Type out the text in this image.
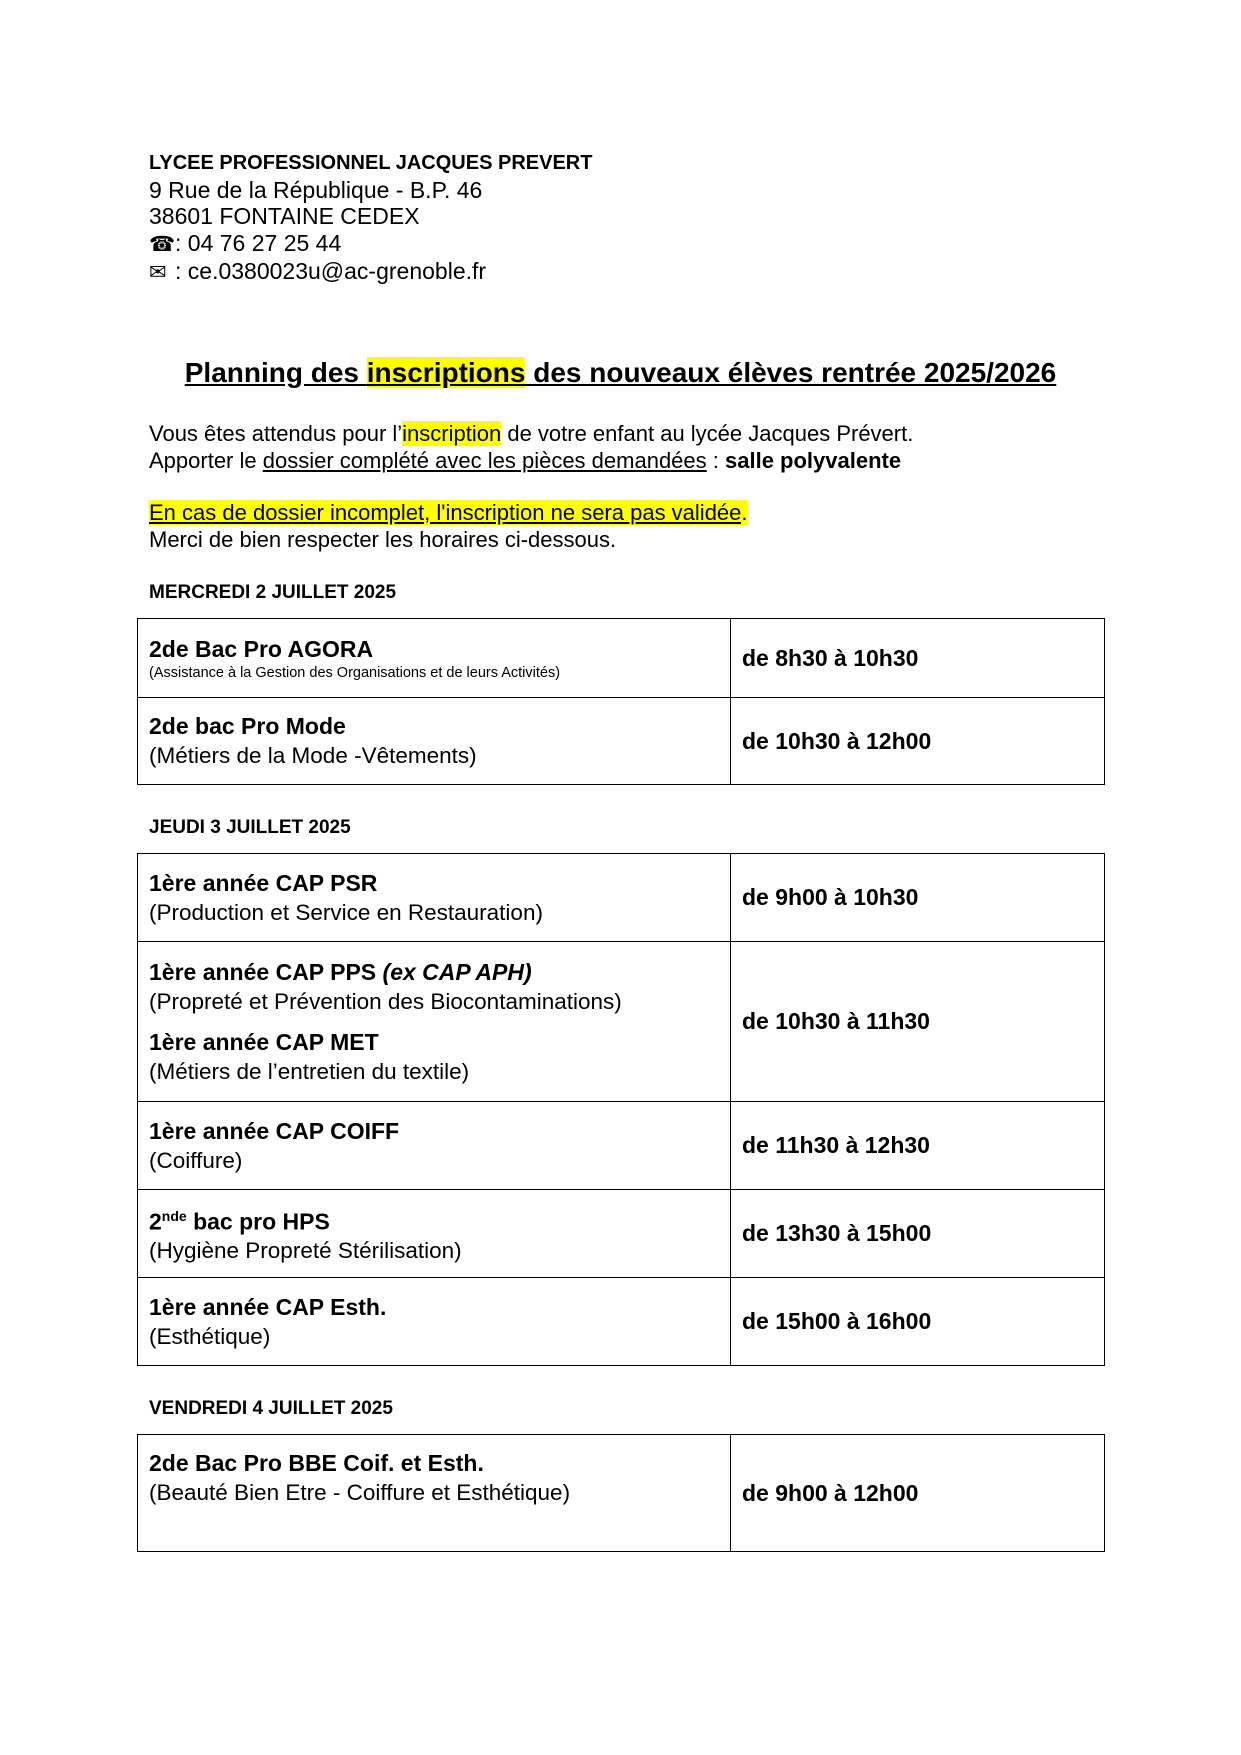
LYCEE PROFESSIONNEL JACQUES PREVERT
9 Rue de la République - B.P. 46
38601 FONTAINE CEDEX
☎: 04 76 27 25 44
✉ : ce.0380023u@ac-grenoble.fr
Planning des inscriptions des nouveaux élèves rentrée 2025/2026
Vous êtes attendus pour l’inscription de votre enfant au lycée Jacques Prévert.
Apporter le dossier complété avec les pièces demandées : salle polyvalente
En cas de dossier incomplet, l'inscription ne sera pas validée.
Merci de bien respecter les horaires ci-dessous.
MERCREDI 2 JUILLET 2025
2de Bac Pro AGORA
(Assistance à la Gestion des Organisations et de leurs Activités)	de 8h30 à 10h30

2de bac Pro Mode
(Métiers de la Mode -Vêtements)	de 10h30 à 12h00
JEUDI 3 JUILLET 2025
1ère année CAP PSR
(Production et Service en Restauration)	de 9h00 à 10h30

1ère année CAP PPS (ex CAP APH)
(Propreté et Prévention des Biocontaminations)
1ère année CAP MET
(Métiers de l’entretien du textile)	de 10h30 à 11h30

1ère année CAP COIFF
(Coiffure)	de 11h30 à 12h30

2nde bac pro HPS
(Hygiène Propreté Stérilisation)	de 13h30 à 15h00

1ère année CAP Esth.
(Esthétique)	de 15h00 à 16h00
VENDREDI 4 JUILLET 2025
2de Bac Pro BBE Coif. et Esth.
(Beauté Bien Etre - Coiffure et Esthétique)	de 9h00 à 12h00
